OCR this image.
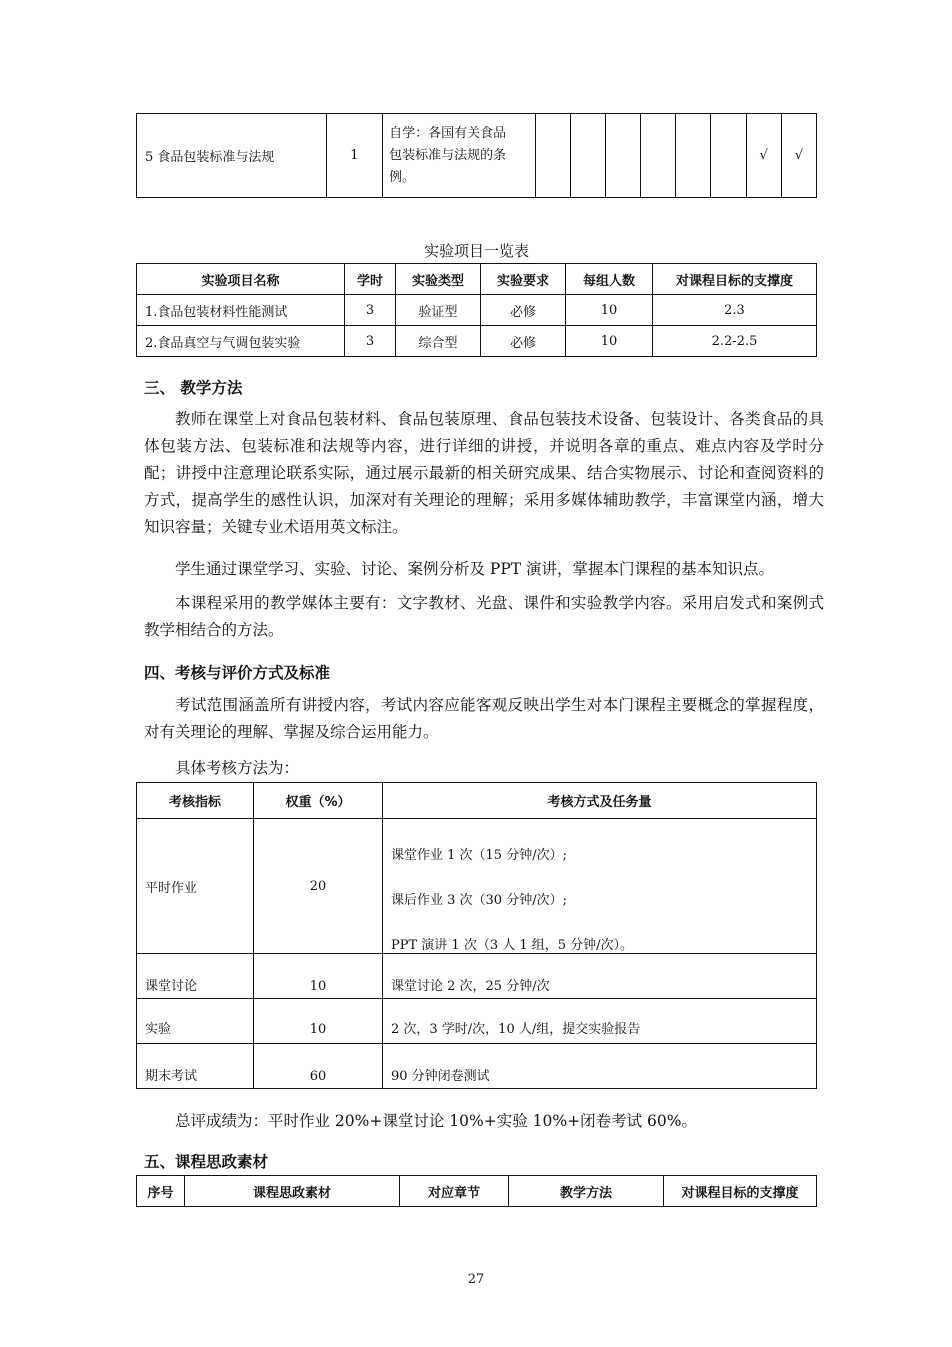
5 食品包装标准与法规	1	
自学：各国有关食品
包装标准与法规的条
例。
							√	√
实验项目一览表
实验项目名称	学时	实验类型	实验要求	每组人数	对课程目标的支撑度
1.食品包装材料性能测试	3	验证型	必修	10	2.3
2.食品真空与气调包装实验	3	综合型	必修	10	2.2-2.5
三、 教学方法
教师在课堂上对食品包装材料、食品包装原理、食品包装技术设备、包装设计、各类食品的具体包装方法、包装标准和法规等内容，进行详细的讲授，并说明各章的重点、难点内容及学时分配；讲授中注意理论联系实际，通过展示最新的相关研究成果、结合实物展示、讨论和查阅资料的方式，提高学生的感性认识，加深对有关理论的理解；采用多媒体辅助教学，丰富课堂内涵，增大知识容量；关键专业术语用英文标注。
学生通过课堂学习、实验、讨论、案例分析及 PPT 演讲，掌握本门课程的基本知识点。
本课程采用的教学媒体主要有：文字教材、光盘、课件和实验教学内容。采用启发式和案例式教学相结合的方法。
四、考核与评价方式及标准
考试范围涵盖所有讲授内容，考试内容应能客观反映出学生对本门课程主要概念的掌握程度，对有关理论的理解、掌握及综合运用能力。
具体考核方法为：
考核指标	权重（%）	考核方式及任务量
平时作业	20	课堂作业 1 次（15 分钟/次）;
课后作业 3 次（30 分钟/次）;
PPT 演讲 1 次（3 人 1 组，5 分钟/次）。

课堂讨论	10	课堂讨论 2 次，25 分钟/次
实验	10	2 次，3 学时/次，10 人/组，提交实验报告
期末考试	60	90 分钟闭卷测试
总评成绩为：平时作业 20%+课堂讨论 10%+实验 10%+闭卷考试 60%。
五、课程思政素材
序号	课程思政素材	对应章节	教学方法	对课程目标的支撑度
27
